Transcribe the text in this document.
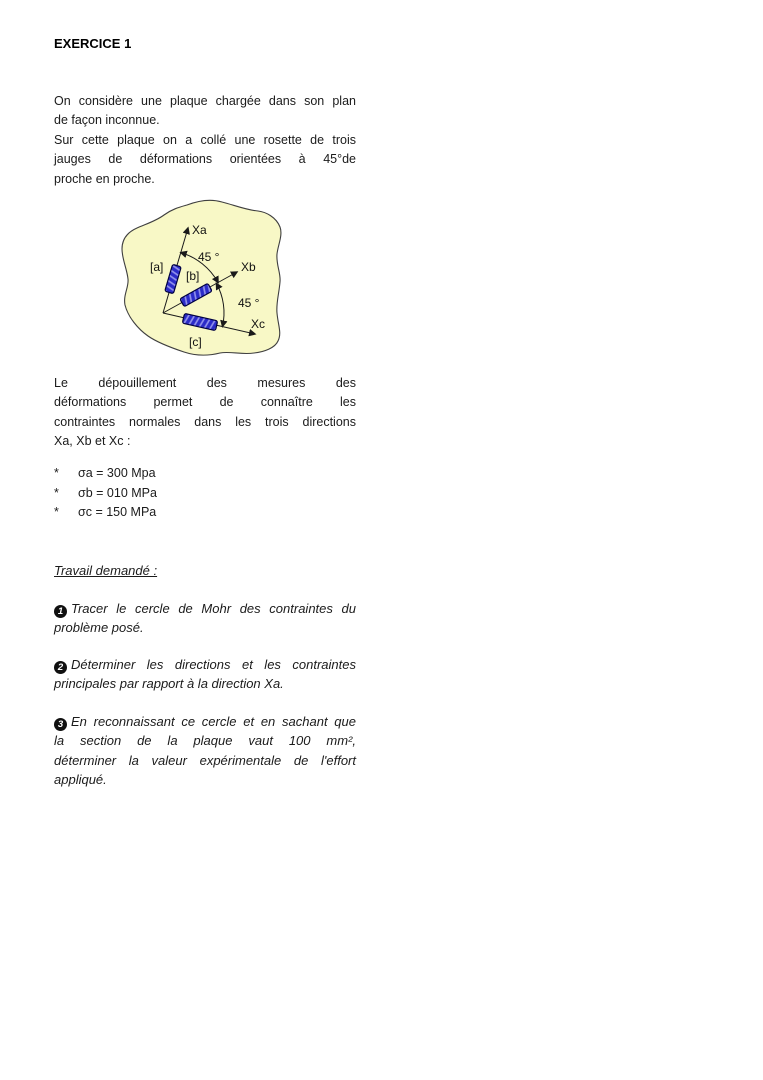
EXERCICE 1
On considère une plaque chargée dans son plan
de façon inconnue.
Sur cette plaque on a collé une rosette de trois
jauges de déformations orientées à 45°de
proche en proche.
Xa
Xb
Xc
[a]
[b]
[c]
45 °
45 °
Le dépouillement des mesures des
déformations permet de connaître les
contraintes normales dans les trois directions
Xa, Xb et Xc :
*	σa = 300 Mpa
*	σb = 010 MPa
*	σc = 150 MPa
Travail demandé :
1 Tracer le cercle de Mohr des contraintes du
problème posé.
2 Déterminer les directions et les contraintes
principales par rapport à la direction Xa.
3 En reconnaissant ce cercle et en sachant que
la section de la plaque vaut 100 mm²,
déterminer la valeur expérimentale de l'effort
appliqué.
